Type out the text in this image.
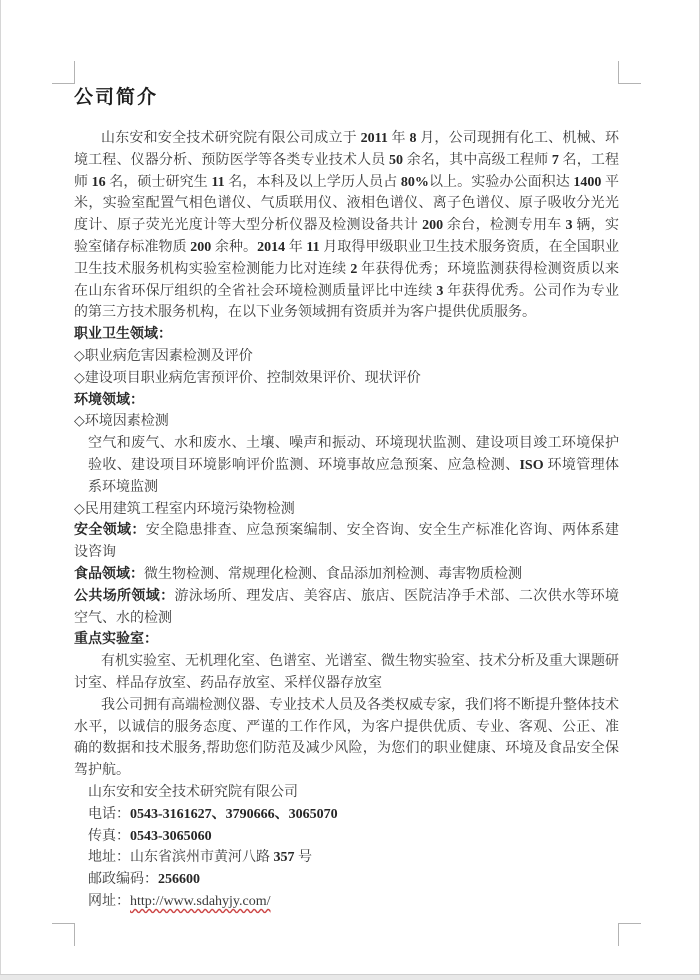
公司简介

山东安和安全技术研究院有限公司成立于 2011 年 8 月，公司现拥有化工、机械、环境工程、仪器分析、预防医学等各类专业技术人员 50 余名，其中高级工程师 7 名，工程师 16 名，硕士研究生 11 名，本科及以上学历人员占 80%以上。实验办公面积达 1400 平米，实验室配置气相色谱仪、气质联用仪、液相色谱仪、离子色谱仪、原子吸收分光光度计、原子荧光光度计等大型分析仪器及检测设备共计 200 余台，检测专用车 3 辆，实验室储存标准物质 200 余种。2014 年 11 月取得甲级职业卫生技术服务资质，在全国职业卫生技术服务机构实验室检测能力比对连续 2 年获得优秀；环境监测获得检测资质以来在山东省环保厅组织的全省社会环境检测质量评比中连续 3 年获得优秀。公司作为专业的第三方技术服务机构，在以下业务领域拥有资质并为客户提供优质服务。

职业卫生领域：

◇职业病危害因素检测及评价

◇建设项目职业病危害预评价、控制效果评价、现状评价

环境领域：

◇环境因素检测

空气和废气、水和废水、土壤、噪声和振动、环境现状监测、建设项目竣工环境保护验收、建设项目环境影响评价监测、环境事故应急预案、应急检测、ISO 环境管理体系环境监测

◇民用建筑工程室内环境污染物检测

安全领域：安全隐患排查、应急预案编制、安全咨询、安全生产标准化咨询、两体系建设咨询

食品领域：微生物检测、常规理化检测、食品添加剂检测、毒害物质检测

公共场所领域：游泳场所、理发店、美容店、旅店、医院洁净手术部、二次供水等环境空气、水的检测

重点实验室：

有机实验室、无机理化室、色谱室、光谱室、微生物实验室、技术分析及重大课题研讨室、样品存放室、药品存放室、采样仪器存放室

我公司拥有高端检测仪器、专业技术人员及各类权威专家，我们将不断提升整体技术水平，以诚信的服务态度、严谨的工作作风，为客户提供优质、专业、客观、公正、准确的数据和技术服务,帮助您们防范及减少风险，为您们的职业健康、环境及食品安全保驾护航。

山东安和安全技术研究院有限公司

电话：0543-3161627、3790666、3065070

传真：0543-3065060

地址：山东省滨州市黄河八路 357 号

邮政编码：256600

网址：http://www.sdahyjy.com/
